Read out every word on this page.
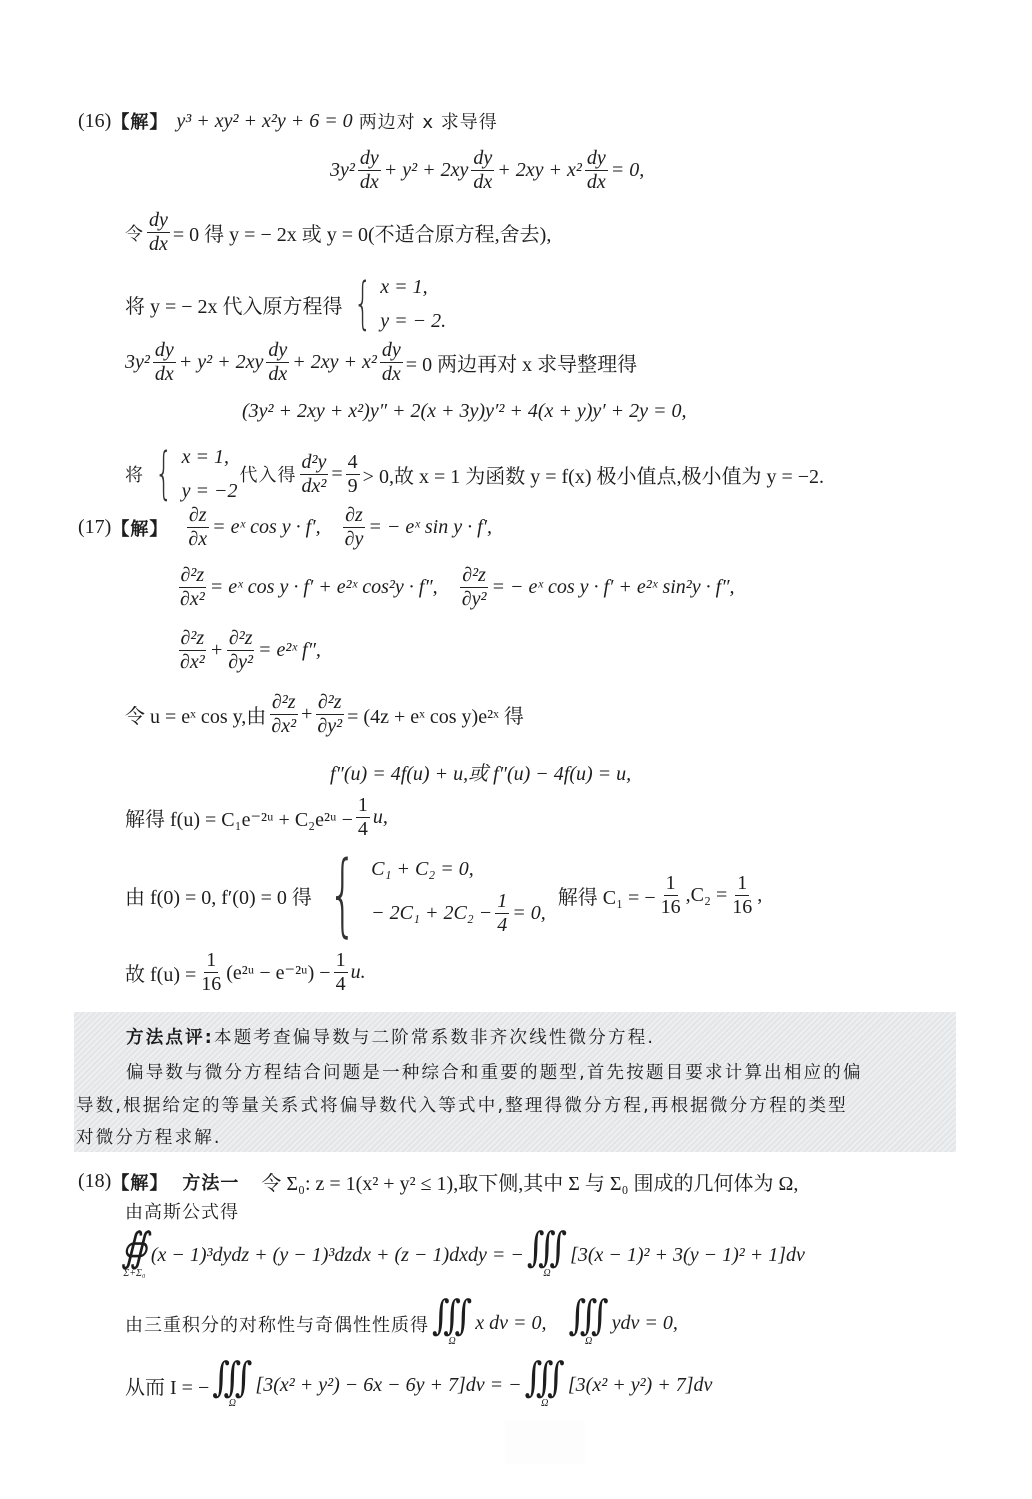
(16) 【解】 y³ + xy² + x²y + 6 = 0 两边对 x 求导得
$3y^2 \frac{dy}{dx} + y^2 + 2xy \frac{dy}{dx} + 2xy + x^2 \frac{dy}{dx} = 0$,
令 $\frac{dy}{dx} = 0$ 得 y = − 2x 或 y = 0(不适合原方程,舍去),
将 y = − 2x 代入原方程得 { x = 1,
y = − 2.
$3y^2 \frac{dy}{dx} + y^2 + 2xy \frac{dy}{dx} + 2xy + x^2 \frac{dy}{dx} = 0$ 两边再对 x 求导整理得
(3y² + 2xy + x²)y″ + 2(x + 3y)y′² + 4(x + y)y′ + 2y = 0,
将 { x = 1,
y = −2
代入得 $\frac{\text{d²y}}{\text{dx²}} = \frac{4}{9} > 0$,故 x = 1 为函数 y = f(x) 极小值点,极小值为 y = −2.
(17) 【解】 $\frac{\partial z}{\partial x}$ = eˣ cos y · f′, $\frac{\partial z}{\partial y}$ = − eˣ sin y · f′,
$\frac{\text{∂²z}}{\text{∂x²}}$ = eˣ cos y · f′ + e²ˣ cos²y · f″, $\frac{\text{∂²z}}{\text{∂y²}}$ = − eˣ cos y · f′ + e²ˣ sin²y · f″,
$\frac{\text{∂²z}}{\text{∂x²}} + \frac{\text{∂²z}}{\text{∂y²}}$ = e²ˣ f″,
令 u = eˣ cos y,由 $\frac{\text{∂²z}}{\text{∂x²}} + \frac{\text{∂²z}}{\text{∂y²}} = (4z$ + eˣ cos y)e²ˣ 得
f″(u) = 4f(u) + u,或 f″(u) − 4f(u) = u,
解得 f(u) = C₁e⁻²ᵘ + C₂e²ᵘ − $\frac{1}{4} u$,
由 f(0) = 0, f′(0) = 0 得 { C₁ + C₂ = 0,
− $2C_1 + 2C_2 - \frac{1}{4} = 0$,
解得 C₁ = − $\frac{1}{16} ,C_2 = \frac{1}{16}$ ,
故 $f(u) = \frac{1}{16}$ (e²ᵘ − e⁻²ᵘ) − $\frac{1}{4} u$.
方法点评:本题考查偏导数与二阶常系数非齐次线性微分方程.
偏导数与微分方程结合问题是一种综合和重要的题型,首先按题目要求计算出相应的偏
导数,根据给定的等量关系式将偏导数代入等式中,整理得微分方程,再根据微分方程的类型
对微分方程求解.
(18) 【解】 方法一 令 Σ₀: z = 1(x² + y² ≤ 1),取下侧,其中 Σ 与 Σ₀ 围成的几何体为 Ω,
由高斯公式得
∯
Σ+Σ₀
(x − 1)³dydz + (y − 1)³dzdx + (z − 1)dxdy = − ∭
Ω
[3(x − 1)² + 3(y − 1)² + 1]dv
由三重积分的对称性与奇偶性性质得 ∭
Ω
x dv = 0, ∭
Ω
ydv = 0,
从而 I = − ∭
Ω
[3(x² + y²) − 6x − 6y + 7]dv = − ∭
Ω
[3(x² + y²) + 7]dv
